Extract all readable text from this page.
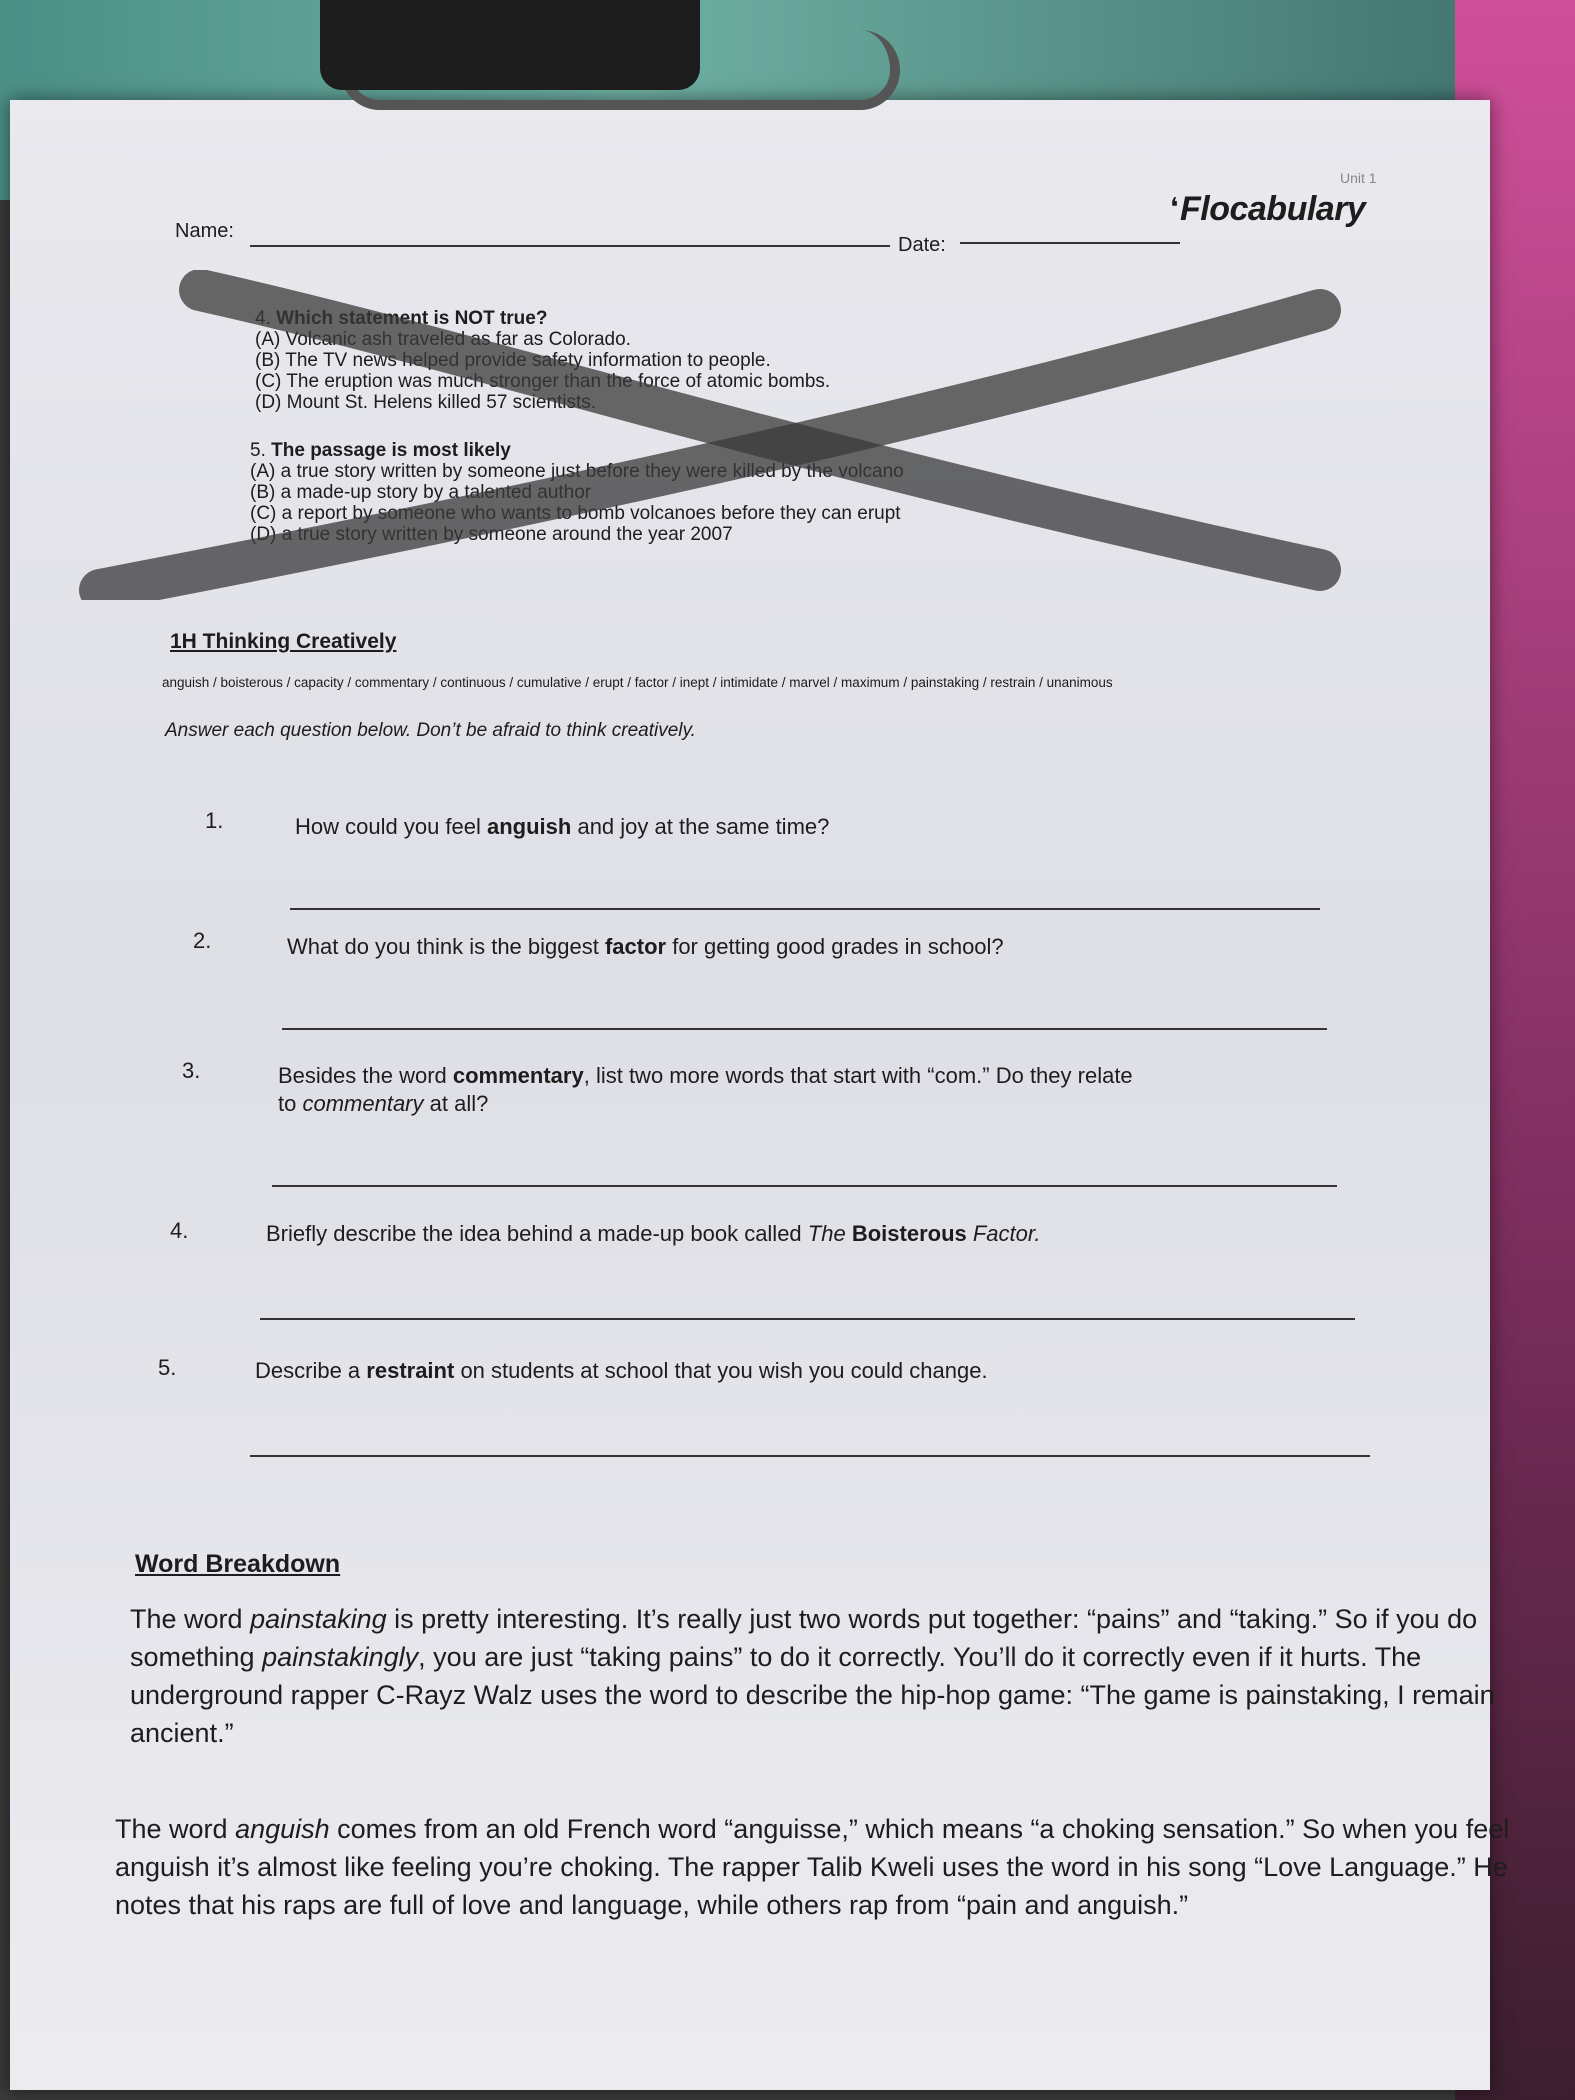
Unit 1
❛ Flocabulary
Name:
Date:
4. Which statement is NOT true?
(A) Volcanic ash traveled as far as Colorado.
(B) The TV news helped provide safety information to people.
(C) The eruption was much stronger than the force of atomic bombs.
(D) Mount St. Helens killed 57 scientists.
5. The passage is most likely
(A) a true story written by someone just before they were killed by the volcano
(B) a made-up story by a talented author
(C) a report by someone who wants to bomb volcanoes before they can erupt
(D) a true story written by someone around the year 2007
1H Thinking Creatively
anguish / boisterous / capacity / commentary / continuous / cumulative / erupt / factor / inept / intimidate / marvel / maximum / painstaking / restrain / unanimous
Answer each question below. Don’t be afraid to think creatively.
1.	How could you feel anguish and joy at the same time?
2.	What do you think is the biggest factor for getting good grades in school?
3.	Besides the word commentary, list two more words that start with “com.” Do they relate
to commentary at all?
4.	Briefly describe the idea behind a made-up book called The Boisterous Factor.
5.	Describe a restraint on students at school that you wish you could change.
Word Breakdown
The word painstaking is pretty interesting. It’s really just two words put together: “pains” and “taking.” So if you do something painstakingly, you are just “taking pains” to do it correctly. You’ll do it correctly even if it hurts. The underground rapper C-Rayz Walz uses the word to describe the hip-hop game: “The game is painstaking, I remain ancient.”
The word anguish comes from an old French word “anguisse,” which means “a choking sensation.” So when you feel anguish it’s almost like feeling you’re choking. The rapper Talib Kweli uses the word in his song “Love Language.” He notes that his raps are full of love and language, while others rap from “pain and anguish.”
